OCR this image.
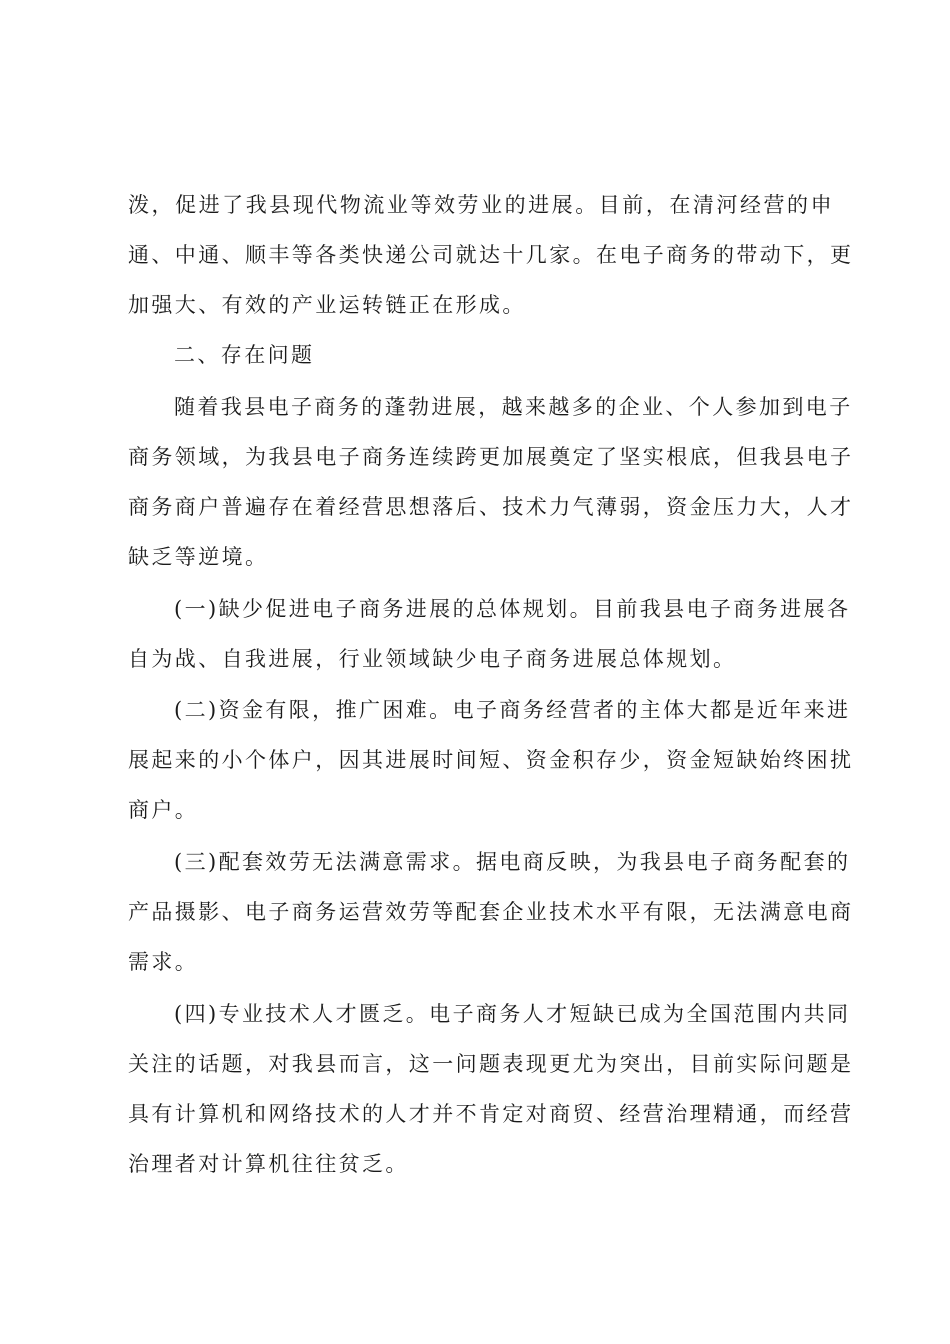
泼，促进了我县现代物流业等效劳业的进展。目前，在清河经营的申
通、中通、顺丰等各类快递公司就达十几家。在电子商务的带动下，更
加强大、有效的产业运转链正在形成。
二、存在问题
随着我县电子商务的蓬勃进展，越来越多的企业、个人参加到电子
商务领域，为我县电子商务连续跨更加展奠定了坚实根底，但我县电子
商务商户普遍存在着经营思想落后、技术力气薄弱，资金压力大，人才
缺乏等逆境。
(一)缺少促进电子商务进展的总体规划。目前我县电子商务进展各
自为战、自我进展，行业领域缺少电子商务进展总体规划。
(二)资金有限，推广困难。电子商务经营者的主体大都是近年来进
展起来的小个体户，因其进展时间短、资金积存少，资金短缺始终困扰
商户。
(三)配套效劳无法满意需求。据电商反映，为我县电子商务配套的
产品摄影、电子商务运营效劳等配套企业技术水平有限，无法满意电商
需求。
(四)专业技术人才匮乏。电子商务人才短缺已成为全国范围内共同
关注的话题，对我县而言，这一问题表现更尤为突出，目前实际问题是
具有计算机和网络技术的人才并不肯定对商贸、经营治理精通，而经营
治理者对计算机往往贫乏。
